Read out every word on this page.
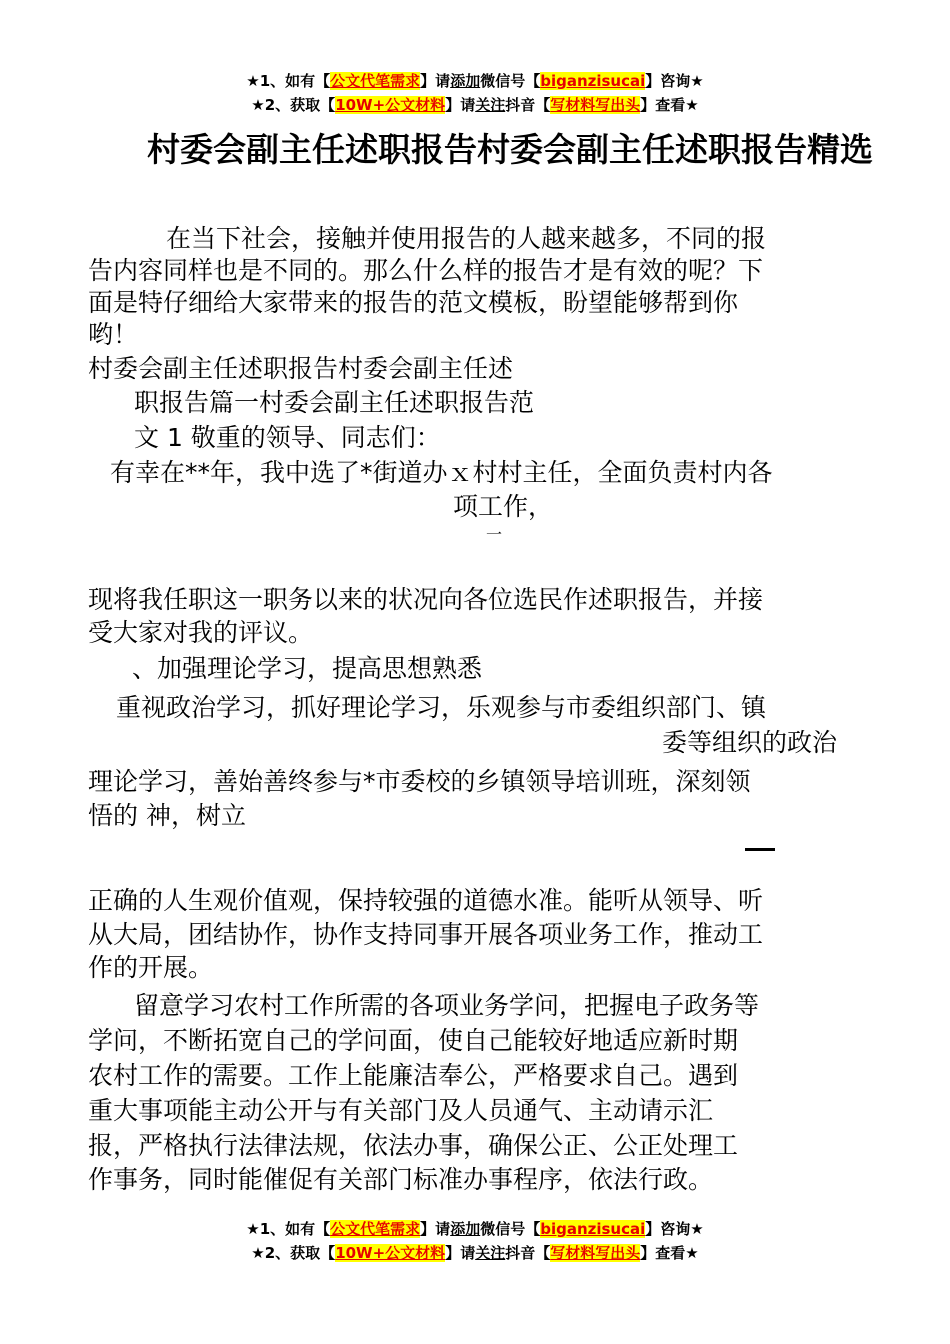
★1、如有【公文代笔需求】请添加微信号【biganzisucai】咨询★
★2、获取【10W+公文材料】请关注抖音【写材料写出头】查看★
村委会副主任述职报告村委会副主任述职报告精选
在当下社会，接触并使用报告的人越来越多，不同的报
告内容同样也是不同的。那么什么样的报告才是有效的呢？下
面是特仔细给大家带来的报告的范文模板，盼望能够帮到你
哟！
村委会副主任述职报告村委会副主任述
职报告篇一村委会副主任述职报告范
文 1 敬重的领导、同志们：
有幸在**年，我中选了*街道办ｘ村村主任，全面负责村内各
项工作，
一
现将我任职这一职务以来的状况向各位选民作述职报告，并接
受大家对我的评议。
、加强理论学习，提高思想熟悉
重视政治学习，抓好理论学习，乐观参与市委组织部门、镇
委等组织的政治
理论学习，善始善终参与*市委校的乡镇领导培训班，深刻领
悟的 神，树立
正确的人生观价值观，保持较强的道德水准。能听从领导、听
从大局，团结协作，协作支持同事开展各项业务工作，推动工
作的开展。
留意学习农村工作所需的各项业务学问，把握电子政务等
学问，不断拓宽自己的学问面，使自己能较好地适应新时期
农村工作的需要。工作上能廉洁奉公，严格要求自己。遇到
重大事项能主动公开与有关部门及人员通气、主动请示汇
报，严格执行法律法规，依法办事，确保公正、公正处理工
作事务，同时能催促有关部门标准办事程序，依法行政。
★1、如有【公文代笔需求】请添加微信号【biganzisucai】咨询★
★2、获取【10W+公文材料】请关注抖音【写材料写出头】查看★
